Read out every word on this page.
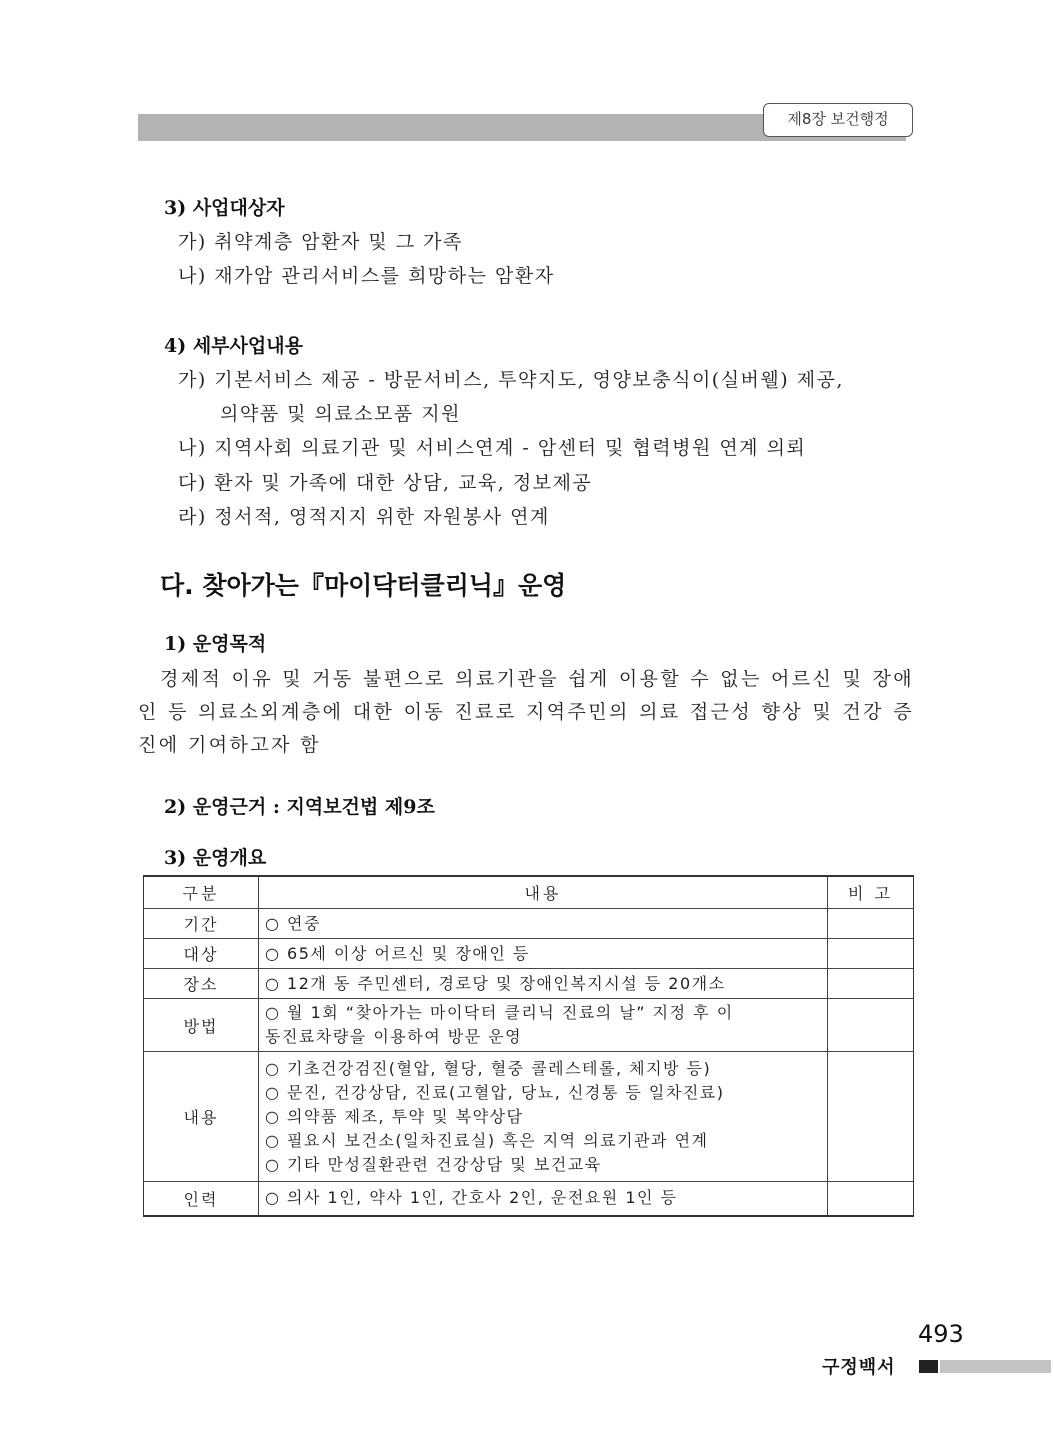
제8장 보건행정
3) 사업대상자
가) 취약계층 암환자 및 그 가족
나) 재가암 관리서비스를 희망하는 암환자
4) 세부사업내용
가) 기본서비스 제공 - 방문서비스, 투약지도, 영양보충식이(실버웰) 제공,
의약품 및 의료소모품 지원
나) 지역사회 의료기관 및 서비스연계 - 암센터 및 협력병원 연계 의뢰
다) 환자 및 가족에 대한 상담, 교육, 정보제공
라) 정서적, 영적지지 위한 자원봉사 연계
다. 찾아가는『마이닥터클리닉』운영
1) 운영목적
경제적 이유 및 거동 불편으로 의료기관을 쉽게 이용할 수 없는 어르신 및 장애인 등 의료소외계층에 대한 이동 진료로 지역주민의 의료 접근성 향상 및 건강 증진에 기여하고자 함
2) 운영근거 : 지역보건법 제9조
3) 운영개요
구분	내용	비 고
기간	○ 연중	

대상	○ 65세 이상 어르신 및 장애인 등	

장소	○ 12개 동 주민센터, 경로당 및 장애인복지시설 등 20개소	

방법	○ 월 1회 “찾아가는 마이닥터 클리닉 진료의 날” 지정 후 이
동진료차량을 이용하여 방문 운영	

내용	○ 기초건강검진(혈압, 혈당, 혈중 콜레스테롤, 체지방 등)
○ 문진, 건강상담, 진료(고혈압, 당뇨, 신경통 등 일차진료)
○ 의약품 제조, 투약 및 복약상담
○ 필요시 보건소(일차진료실) 혹은 지역 의료기관과 연계
○ 기타 만성질환관련 건강상담 및 보건교육	

인력	○ 의사 1인, 약사 1인, 간호사 2인, 운전요원 1인 등	

493
구정백서
